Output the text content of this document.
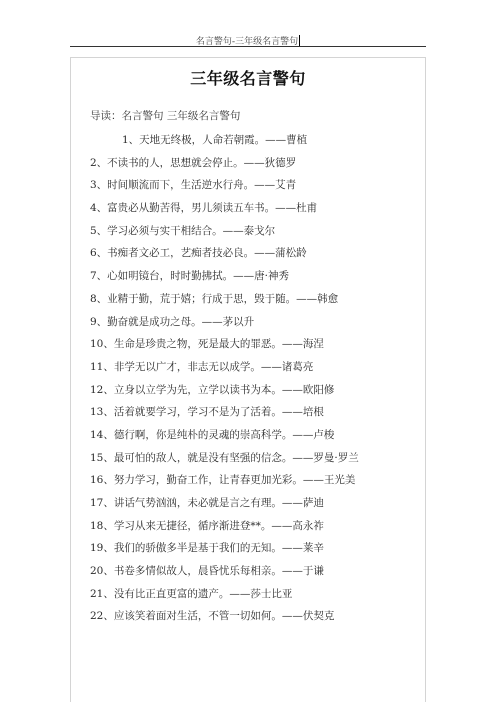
名言警句-三年级名言警句
三年级名言警句
导读：名言警句 三年级名言警句
1、天地无终极，人命若朝霞。——曹植
2、不读书的人，思想就会停止。——狄德罗
3、时间顺流而下，生活逆水行舟。——艾青
4、富贵必从勤苦得，男儿须读五车书。——杜甫
5、学习必须与实干相结合。——泰戈尔
6、书痴者文必工，艺痴者技必良。——蒲松龄
7、心如明镜台，时时勤拂拭。——唐·神秀
8、业精于勤，荒于嬉；行成于思，毁于随。——韩愈
9、勤奋就是成功之母。——茅以升
10、生命是珍贵之物，死是最大的罪恶。——海涅
11、非学无以广才，非志无以成学。——诸葛亮
12、立身以立学为先，立学以读书为本。——欧阳修
13、活着就要学习，学习不是为了活着。——培根
14、德行啊，你是纯朴的灵魂的崇高科学。——卢梭
15、最可怕的敌人，就是没有坚强的信念。——罗曼·罗兰
16、努力学习，勤奋工作，让青春更加光彩。——王光美
17、讲话气势汹汹，未必就是言之有理。——萨迪
18、学习从来无捷径，循序渐进登**。——高永祚
19、我们的骄傲多半是基于我们的无知。——莱辛
20、书卷多情似故人，晨昏忧乐每相亲。——于谦
21、没有比正直更富的遗产。——莎士比亚
22、应该笑着面对生活，不管一切如何。——伏契克
